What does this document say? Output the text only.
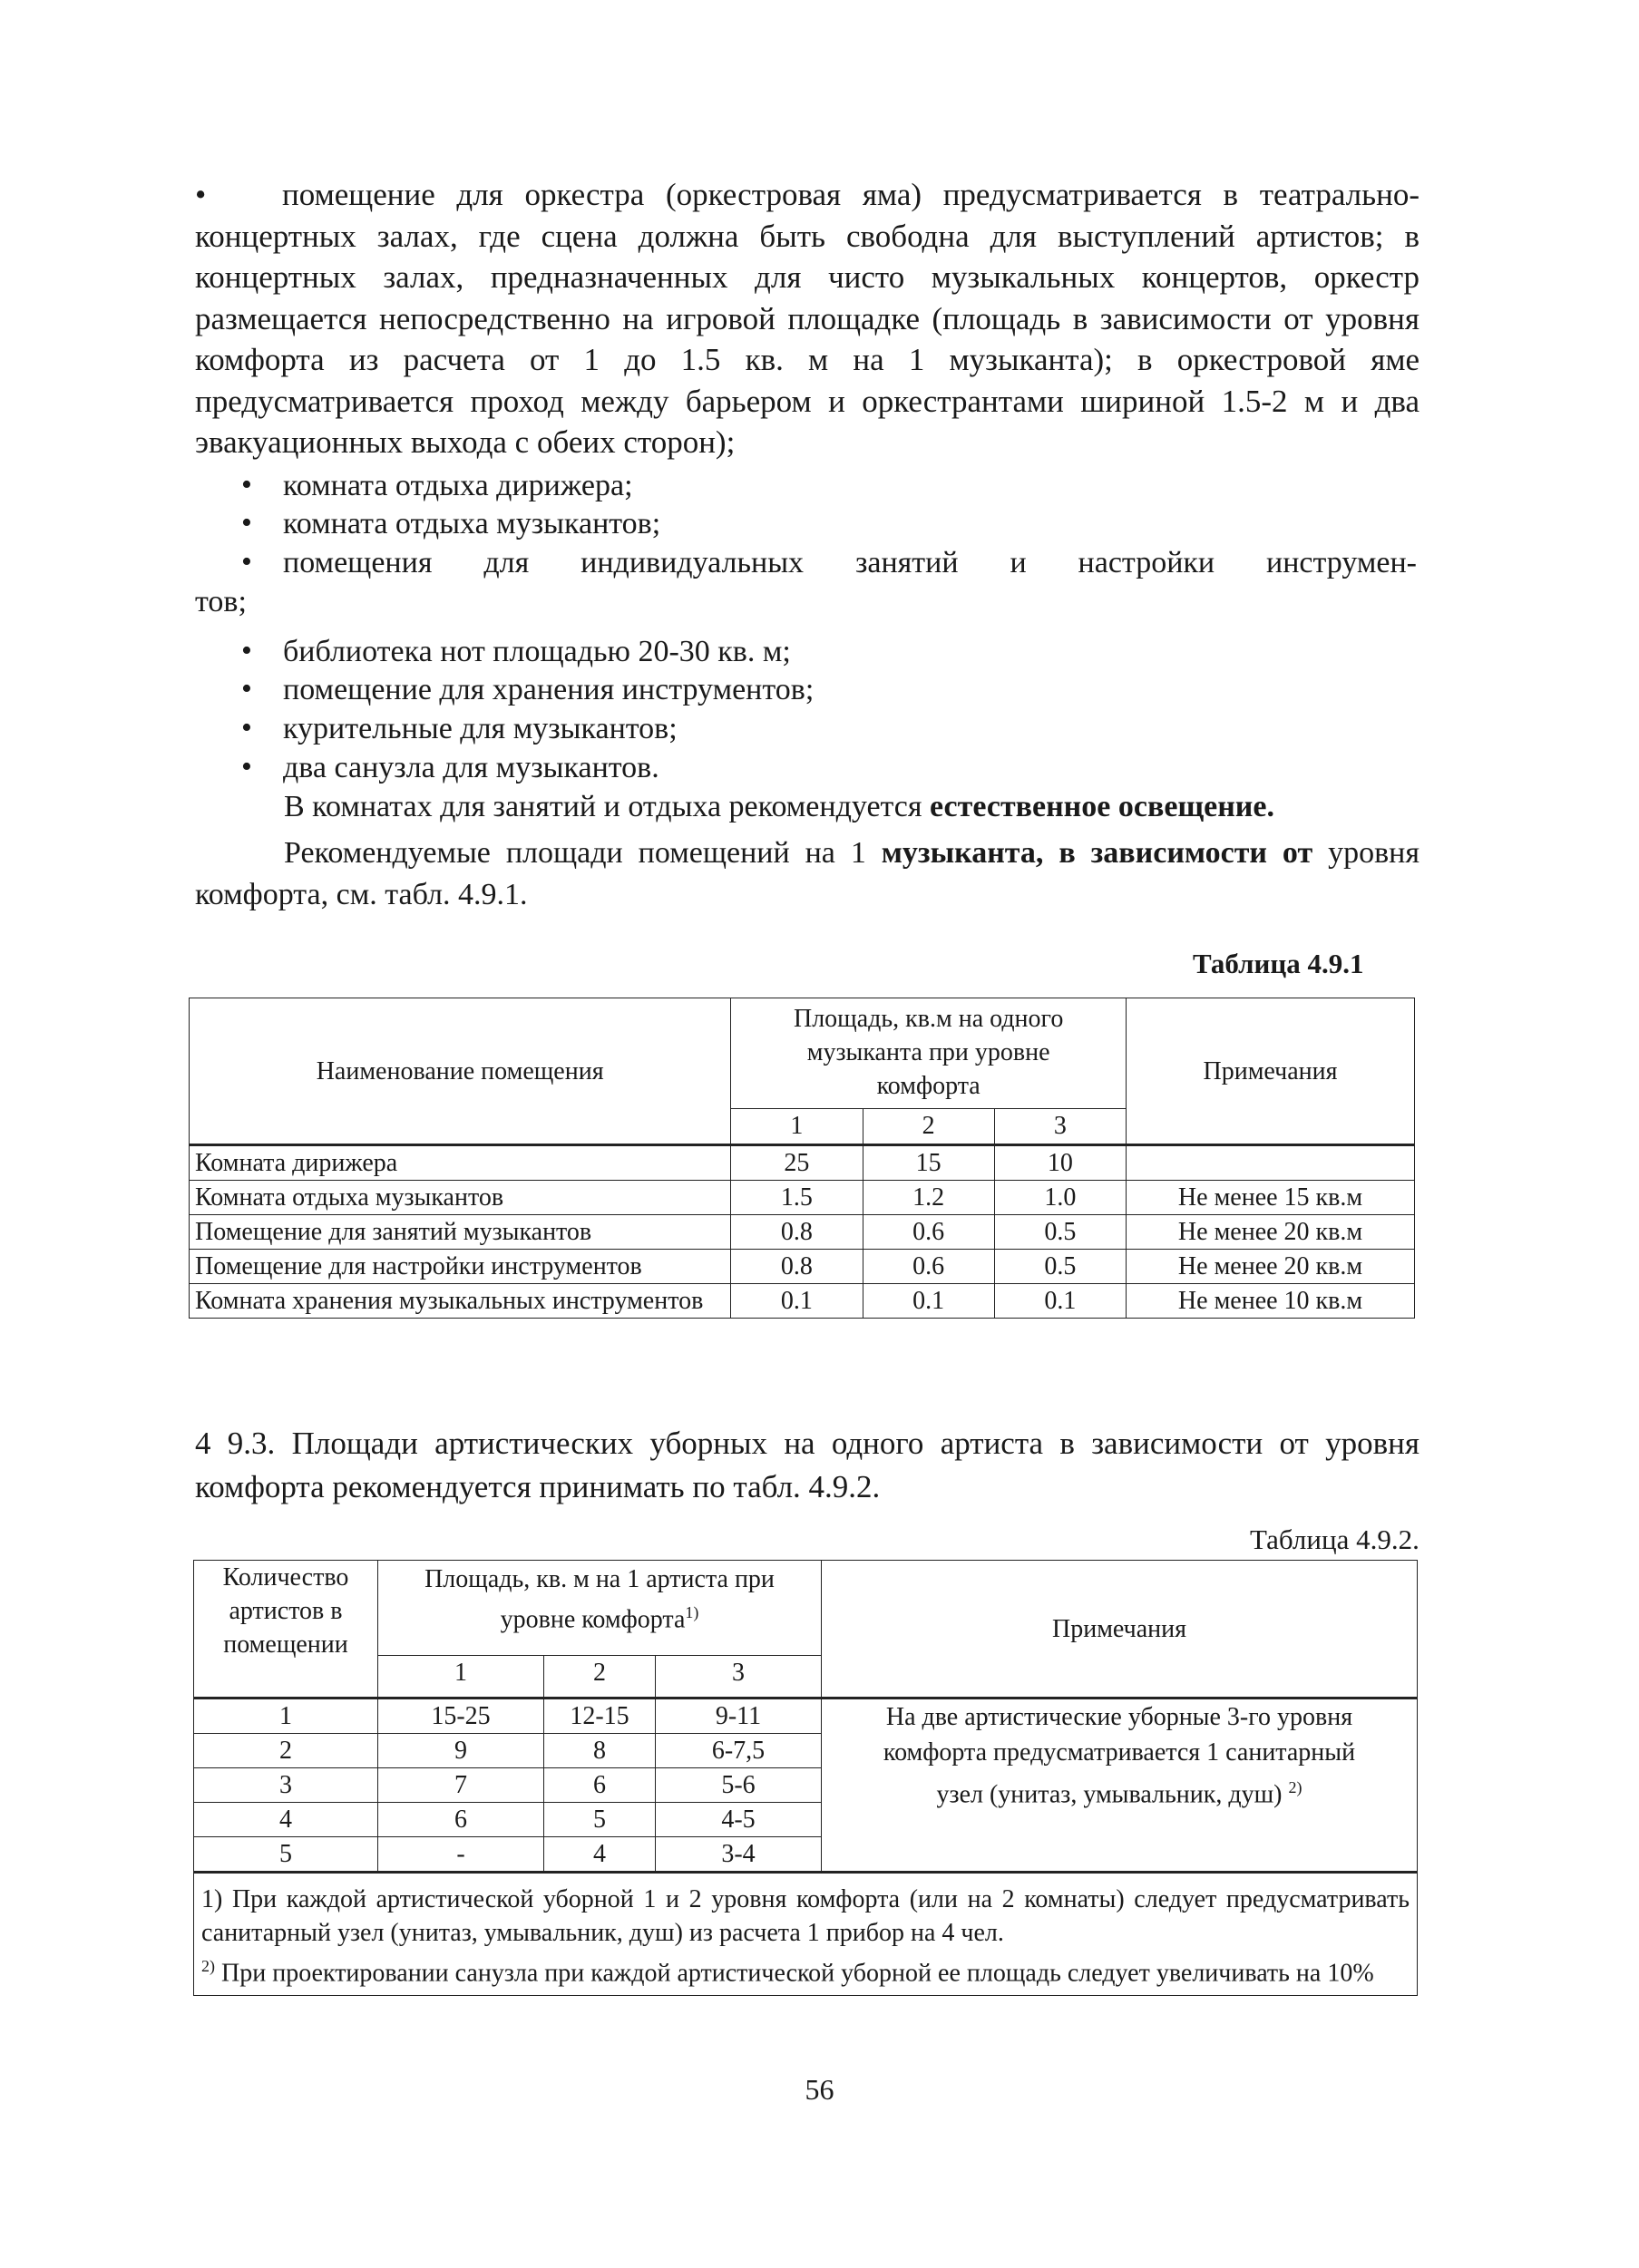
• помещение для оркестра (оркестровая яма) предусматривается в театрально-концертных залах, где сцена должна быть свободна для выступлений артистов; в концертных залах, предназначенных для чисто музыкальных концертов, оркестр размещается непосредственно на игровой площадке (площадь в зависимости от уровня комфорта из расчета от 1 до 1.5 кв. м на 1 музыканта); в оркестровой яме предусматривается проход между барьером и оркестрантами шириной 1.5-2 м и два эвакуационных выхода с обеих сторон);
• комната отдыха дирижера;
• комната отдыха музыкантов;
• помещения для индивидуальных занятий и настройки инструмен-
тов;
• библиотека нот площадью 20-30 кв. м;
• помещение для хранения инструментов;
• курительные для музыкантов;
• два санузла для музыкантов.
В комнатах для занятий и отдыха рекомендуется естественное освещение.
Рекомендуемые площади помещений на 1 музыканта, в зависимости от уровня комфорта, см. табл. 4.9.1.
Таблица 4.9.1
Наименование помещения	Площадь, кв.м на одного музыканта при уровне комфорта			Примечания
	1	2	3	
Комната дирижера	25	15	10	
Комната отдыха музыкантов	1.5	1.2	1.0	Не менее 15 кв.м
Помещение для занятий музыкантов	0.8	0.6	0.5	Не менее 20 кв.м
Помещение для настройки инструментов	0.8	0.6	0.5	Не менее 20 кв.м
Комната хранения музыкальных инструментов	0.1	0.1	0.1	Не менее 10 кв.м
4 9.3. Площади артистических уборных на одного артиста в зависимости от уровня комфорта рекомендуется принимать по табл. 4.9.2.
Таблица 4.9.2.
Количество артистов в помещении	Площадь, кв. м на 1 артиста при уровне комфорта$^{1)}$			Примечания
	1	2	3	
1	15-25	12-15	9-11	На две артистические уборные 3-го уровня комфорта предусматривается 1 санитарный узел (унитаз, умывальник, душ) $^{2)}$
2	9	8	6-7,5	
3	7	6	5-6	
4	6	5	4-5	
5	-	4	3-4	

1) При каждой артистической уборной 1 и 2 уровня комфорта (или на 2 комнаты) следует предусматривать санитарный узел (унитаз, умывальник, душ) из расчета 1 прибор на 4 чел.
$^{2)}$ При проектировании санузла при каждой артистической уборной ее площадь следует увеличивать на 10%				
56
